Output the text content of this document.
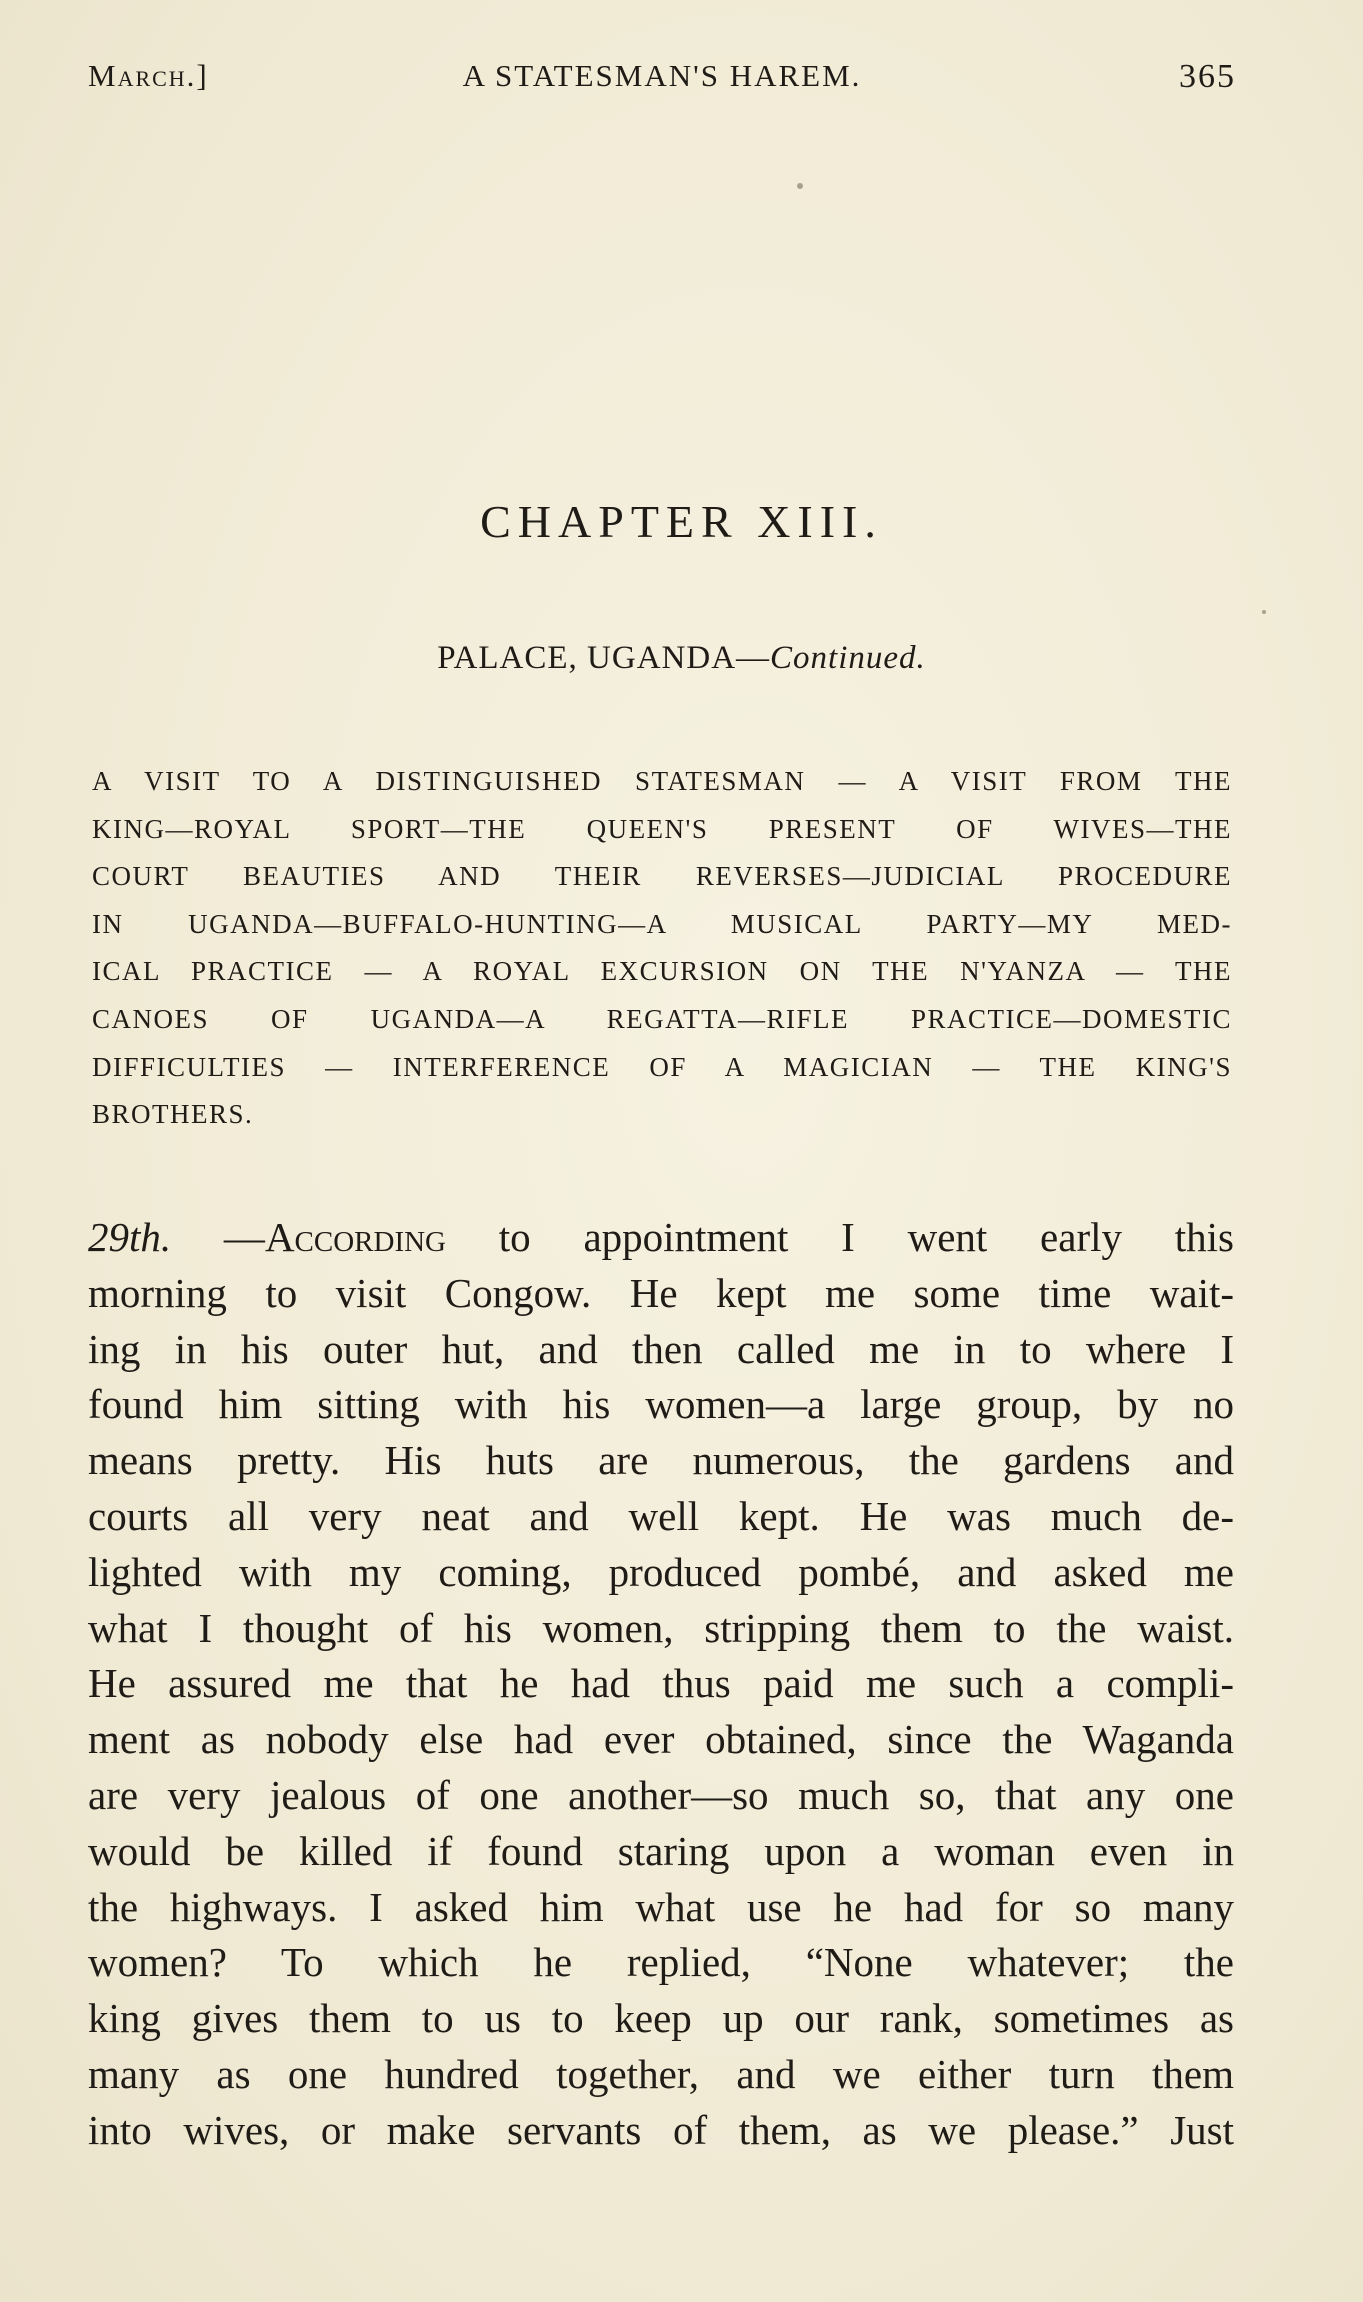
March.]	A STATESMAN'S HAREM.	365
CHAPTER XIII.
PALACE, UGANDA—Continued.
A VISIT TO A DISTINGUISHED STATESMAN — A VISIT FROM THE
KING—ROYAL SPORT—THE QUEEN'S PRESENT OF WIVES—THE
COURT BEAUTIES AND THEIR REVERSES—JUDICIAL PROCEDURE
IN UGANDA—BUFFALO-HUNTING—A MUSICAL PARTY—MY MED-
ICAL PRACTICE — A ROYAL EXCURSION ON THE N'YANZA — THE
CANOES OF UGANDA—A REGATTA—RIFLE PRACTICE—DOMESTIC
DIFFICULTIES — INTERFERENCE OF A MAGICIAN — THE KING'S
BROTHERS.
29th. —According to appointment I went early this
morning to visit Congow. He kept me some time wait-
ing in his outer hut, and then called me in to where I
found him sitting with his women—a large group, by no
means pretty. His huts are numerous, the gardens and
courts all very neat and well kept. He was much de-
lighted with my coming, produced pombé, and asked me
what I thought of his women, stripping them to the waist.
He assured me that he had thus paid me such a compli-
ment as nobody else had ever obtained, since the Waganda
are very jealous of one another—so much so, that any one
would be killed if found staring upon a woman even in
the highways. I asked him what use he had for so many
women? To which he replied, “None whatever; the
king gives them to us to keep up our rank, sometimes as
many as one hundred together, and we either turn them
into wives, or make servants of them, as we please.” Just
